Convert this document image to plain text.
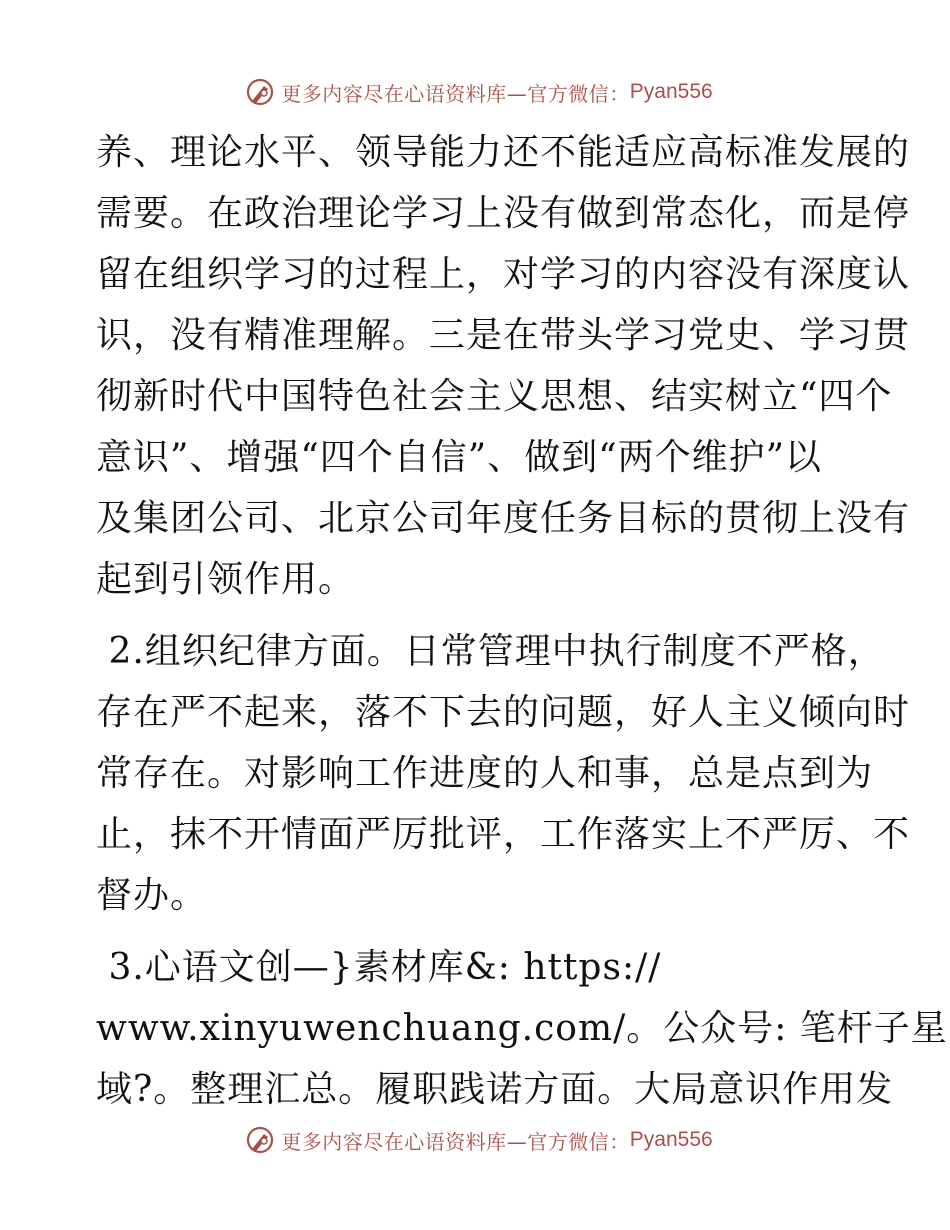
更多内容尽在心语资料库—官方微信： Pyan556

养、理论水平、领导能力还不能适应高标准发展的
需要。在政治理论学习上没有做到常态化，而是停
留在组织学习的过程上，对学习的内容没有深度认
识，没有精准理解。三是在带头学习党史、学习贯
彻新时代中国特色社会主义思想、结实树立“四个
意识”、增强“四个自信”、做到“两个维护”以
及集团公司、北京公司年度任务目标的贯彻上没有
起到引领作用。

2.组织纪律方面。日常管理中执行制度不严格，
存在严不起来，落不下去的问题，好人主义倾向时
常存在。对影响工作进度的人和事，总是点到为
止，抹不开情面严厉批评，工作落实上不严厉、不
督办。

3.心语文创—}素材库&: https://
www.xinyuwenchuang.com/。公众号: 笔杆子星
域?。整理汇总。履职践诺方面。大局意识作用发

更多内容尽在心语资料库—官方微信： Pyan556
